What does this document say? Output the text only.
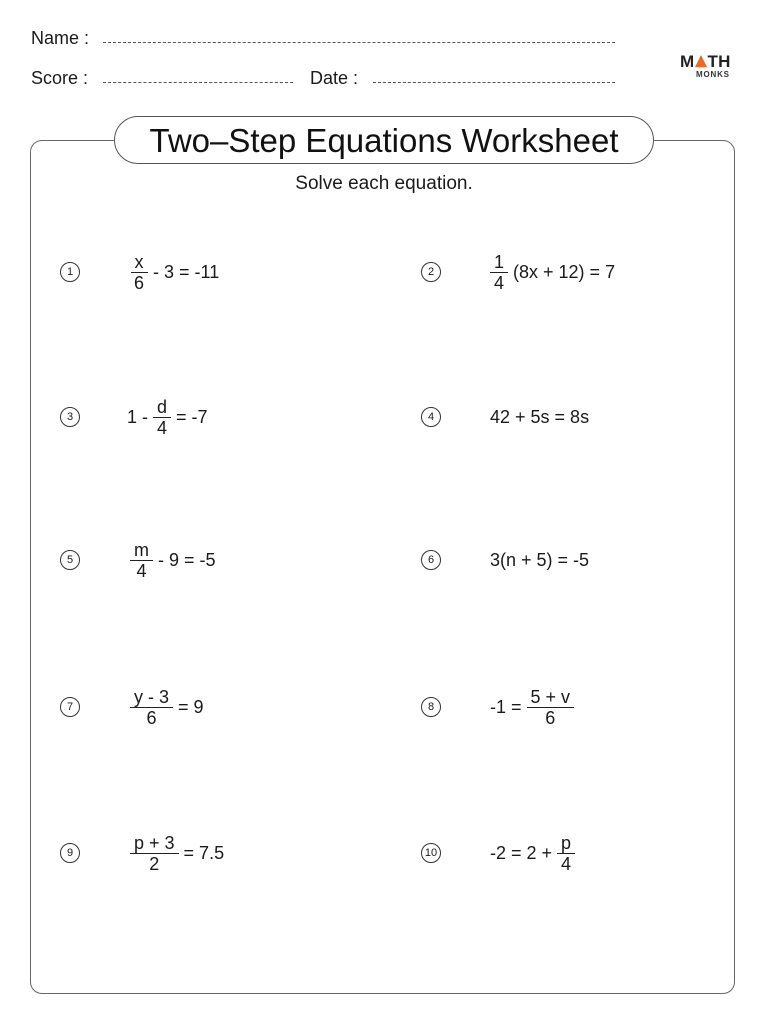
Name :
Score :	Date :
M TH
MONKS
Two–Step Equations Worksheet
Solve each equation.
1	$\frac{x}{6} - 3 = -11$
3	$1 - \frac{d}{4} = -7$
5	$\frac{m}{4} - 9 = -5$
7	$\frac{y - 3}{6} = 9$
9	$\frac{p + 3}{2} = 7.5$
2	$\frac{1}{4} (8x + 12) = 7$
4	42 + 5s = 8s
6	3(n + 5) = -5
8	$-1 = \frac{5 + v}{6}$
10	$-2 = 2 + \frac{p}{4}$
